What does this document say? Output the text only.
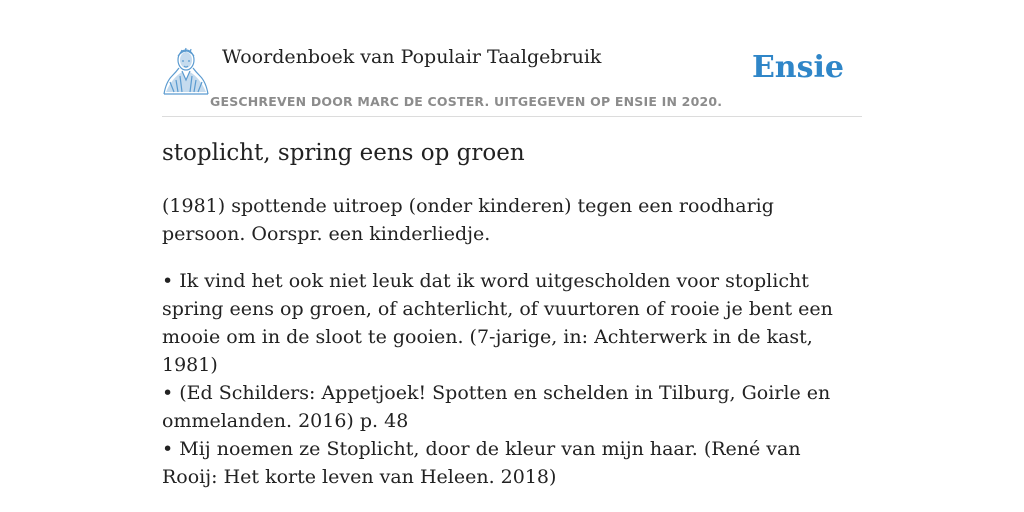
Woordenboek van Populair Taalgebruik
GESCHREVEN DOOR MARC DE COSTER. UITGEGEVEN OP ENSIE IN 2020.
Ensie
stoplicht, spring eens op groen

(1981) spottende uitroep (onder kinderen) tegen een roodharig persoon. Oorspr. een kinderliedje.

• Ik vind het ook niet leuk dat ik word uitgescholden voor stoplicht spring eens op groen, of achterlicht, of vuurtoren of rooie je bent een mooie om in de sloot te gooien. (7-jarige, in: Achterwerk in de kast, 1981)
• (Ed Schilders: Appetjoek! Spotten en schelden in Tilburg, Goirle en ommelanden. 2016) p. 48
• Mij noemen ze Stoplicht, door de kleur van mijn haar. (René van Rooij: Het korte leven van Heleen. 2018)
